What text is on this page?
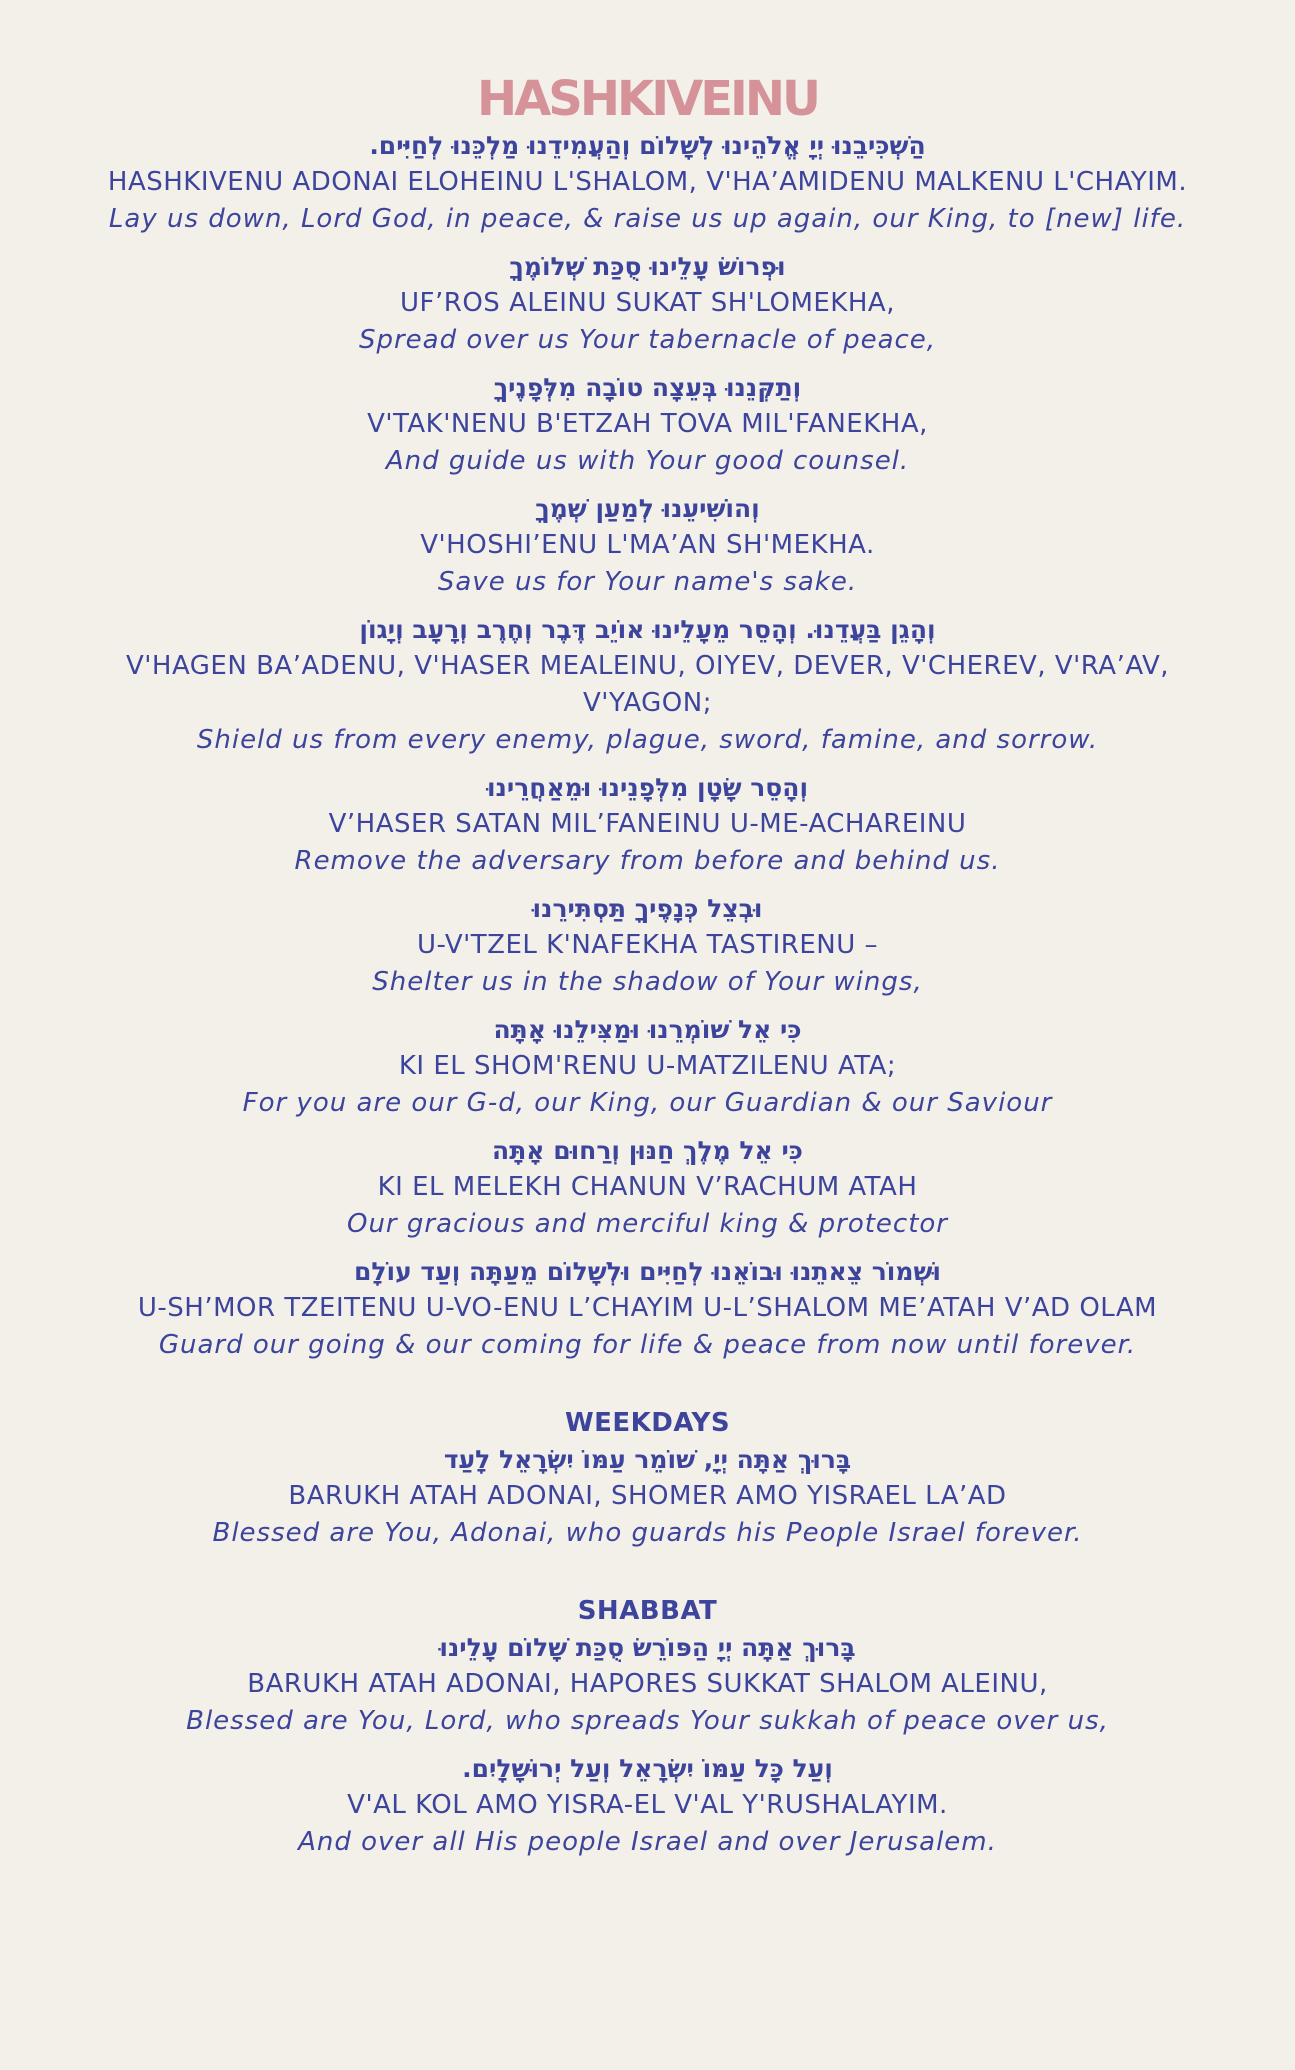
HASHKIVEINU
הַשְׁכִּיבֵנוּ יְיָ אֱלֹהֵינוּ לְשָׁלוֹם וְהַעֲמִידֵנוּ מַלְכֵּנוּ לְחַיִּים.
HASHKIVENU ADONAI ELOHEINU L'SHALOM, V'HA’AMIDENU MALKENU L'CHAYIM.
Lay us down, Lord God, in peace, & raise us up again, our King, to [new] life.
וּפְרוֹשׂ עָלֵינוּ סֻכַּת שְׁלוֹמֶךָ
UF’ROS ALEINU SUKAT SH'LOMEKHA,
Spread over us Your tabernacle of peace,
וְתַקְּנֵנוּ בְּעֵצָה טוֹבָה מִלְּפָנֶיךָ
V'TAK'NENU B'ETZAH TOVA MIL'FANEKHA,
And guide us with Your good counsel.
וְהוֹשִׁיעֵנוּ לְמַעַן שְׁמֶךָ
V'HOSHI’ENU L'MA’AN SH'MEKHA.
Save us for Your name's sake.
וְהָגֵן בַּעֲדֵנוּ. וְהָסֵר מֵעָלֵינוּ אוֹיֵב דֶּבֶר וְחֶרֶב וְרָעָב וְיָגוֹן
V'HAGEN BA’ADENU, V'HASER MEALEINU, OIYEV, DEVER, V'CHEREV, V'RA’AV, V'YAGON;
Shield us from every enemy, plague, sword, famine, and sorrow.
וְהָסֵר שָׂטָן מִלְּפָנֵינוּ וּמֵאַחֲרֵינוּ
V’HASER SATAN MIL’FANEINU U-ME-ACHAREINU
Remove the adversary from before and behind us.
וּבְצֵל כְּנָפֶיךָ תַּסְתִּירֵנוּ
U-V'TZEL K'NAFEKHA TASTIRENU –
Shelter us in the shadow of Your wings,
כִּי אֵל שׁוֹמְרֵנוּ וּמַצִּילֵנוּ אָתָּה
KI EL SHOM'RENU U-MATZILENU ATA;
For you are our G-d, our King, our Guardian & our Saviour
כִּי אֵל מֶלֶךְ חַנּוּן וְרַחוּם אָתָּה
KI EL MELEKH CHANUN V’RACHUM ATAH
Our gracious and merciful king & protector
וּשְׁמוֹר צֵאתֵנוּ וּבוֹאֵנוּ לְחַיִּים וּלְשָׁלוֹם מֵעַתָּה וְעַד עוֹלָם
U-SH’MOR TZEITENU U-VO-ENU L’CHAYIM U-L’SHALOM ME’ATAH V’AD OLAM
Guard our going & our coming for life & peace from now until forever.
WEEKDAYS
בָּרוּךְ אַתָּה יְיָ, שׁוֹמֵר עַמּוֹ יִשְׂרָאֵל לָעַד
BARUKH ATAH ADONAI, SHOMER AMO YISRAEL LA’AD
Blessed are You, Adonai, who guards his People Israel forever.
SHABBAT
בָּרוּךְ אַתָּה יְיָ הַפּוֹרֵשׂ סֻכַּת שָׁלוֹם עָלֵינוּ
BARUKH ATAH ADONAI, HAPORES SUKKAT SHALOM ALEINU,
Blessed are You, Lord, who spreads Your sukkah of peace over us,
וְעַל כָּל עַמּוֹ יִשְׂרָאֵל וְעַל יְרוּשָׁלָיִם.
V'AL KOL AMO YISRA-EL V'AL Y'RUSHALAYIM.
And over all His people Israel and over Jerusalem.
